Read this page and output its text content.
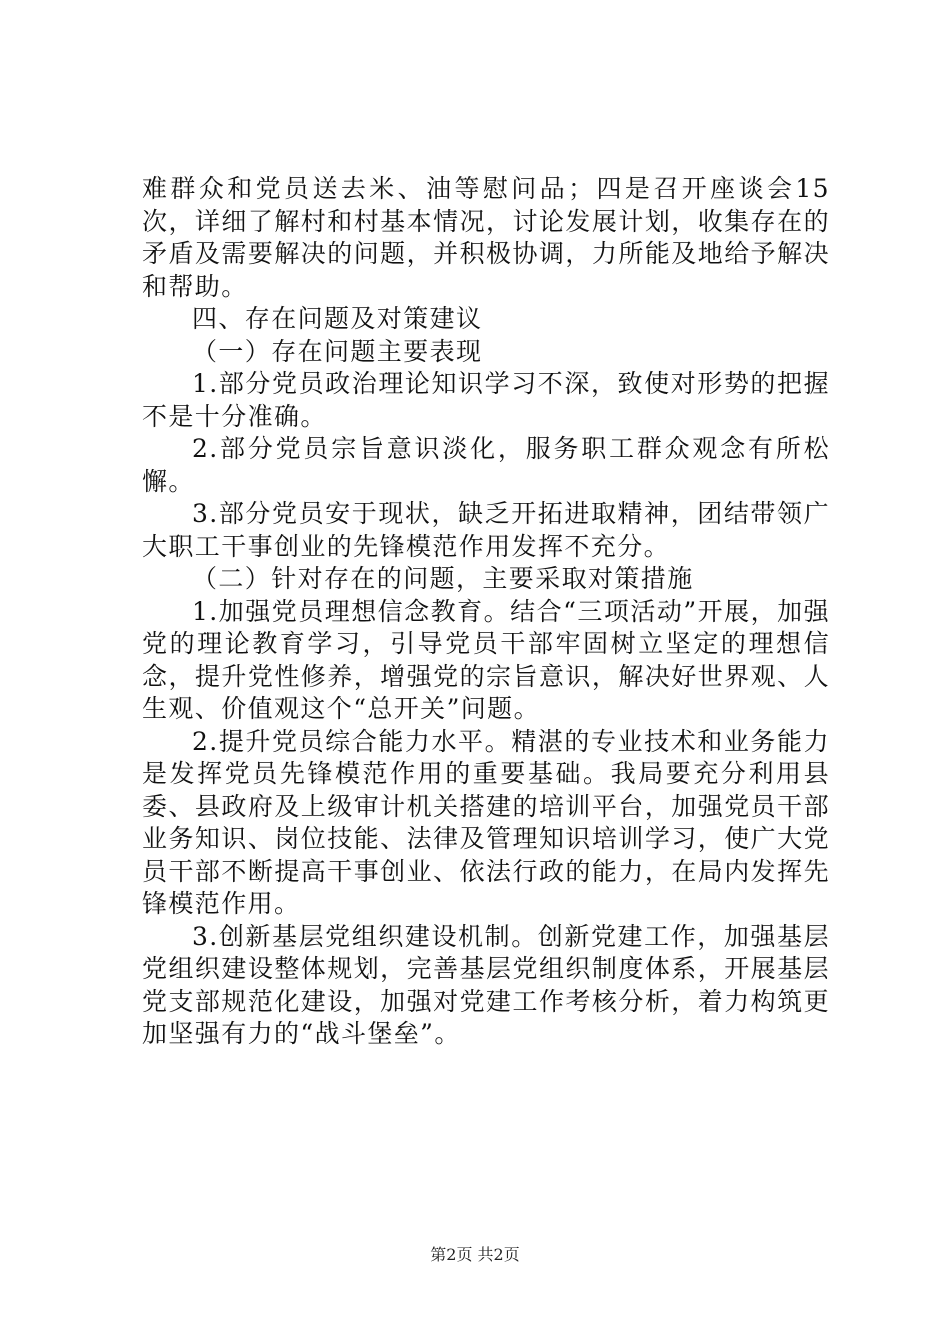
难群众和党员送去米、油等慰问品；四是召开座谈会15次，详细了解村和村基本情况，讨论发展计划，收集存在的矛盾及需要解决的问题，并积极协调，力所能及地给予解决和帮助。

四、存在问题及对策建议

（一）存在问题主要表现

1.部分党员政治理论知识学习不深，致使对形势的把握不是十分准确。

2.部分党员宗旨意识淡化，服务职工群众观念有所松懈。

3.部分党员安于现状，缺乏开拓进取精神，团结带领广大职工干事创业的先锋模范作用发挥不充分。

（二）针对存在的问题，主要采取对策措施

1.加强党员理想信念教育。结合“三项活动”开展，加强党的理论教育学习，引导党员干部牢固树立坚定的理想信念，提升党性修养，增强党的宗旨意识，解决好世界观、人生观、价值观这个“总开关”问题。

2.提升党员综合能力水平。精湛的专业技术和业务能力是发挥党员先锋模范作用的重要基础。我局要充分利用县委、县政府及上级审计机关搭建的培训平台，加强党员干部业务知识、岗位技能、法律及管理知识培训学习，使广大党员干部不断提高干事创业、依法行政的能力，在局内发挥先锋模范作用。

3.创新基层党组织建设机制。创新党建工作，加强基层党组织建设整体规划，完善基层党组织制度体系，开展基层党支部规范化建设，加强对党建工作考核分析，着力构筑更加坚强有力的“战斗堡垒”。

第2页 共2页
